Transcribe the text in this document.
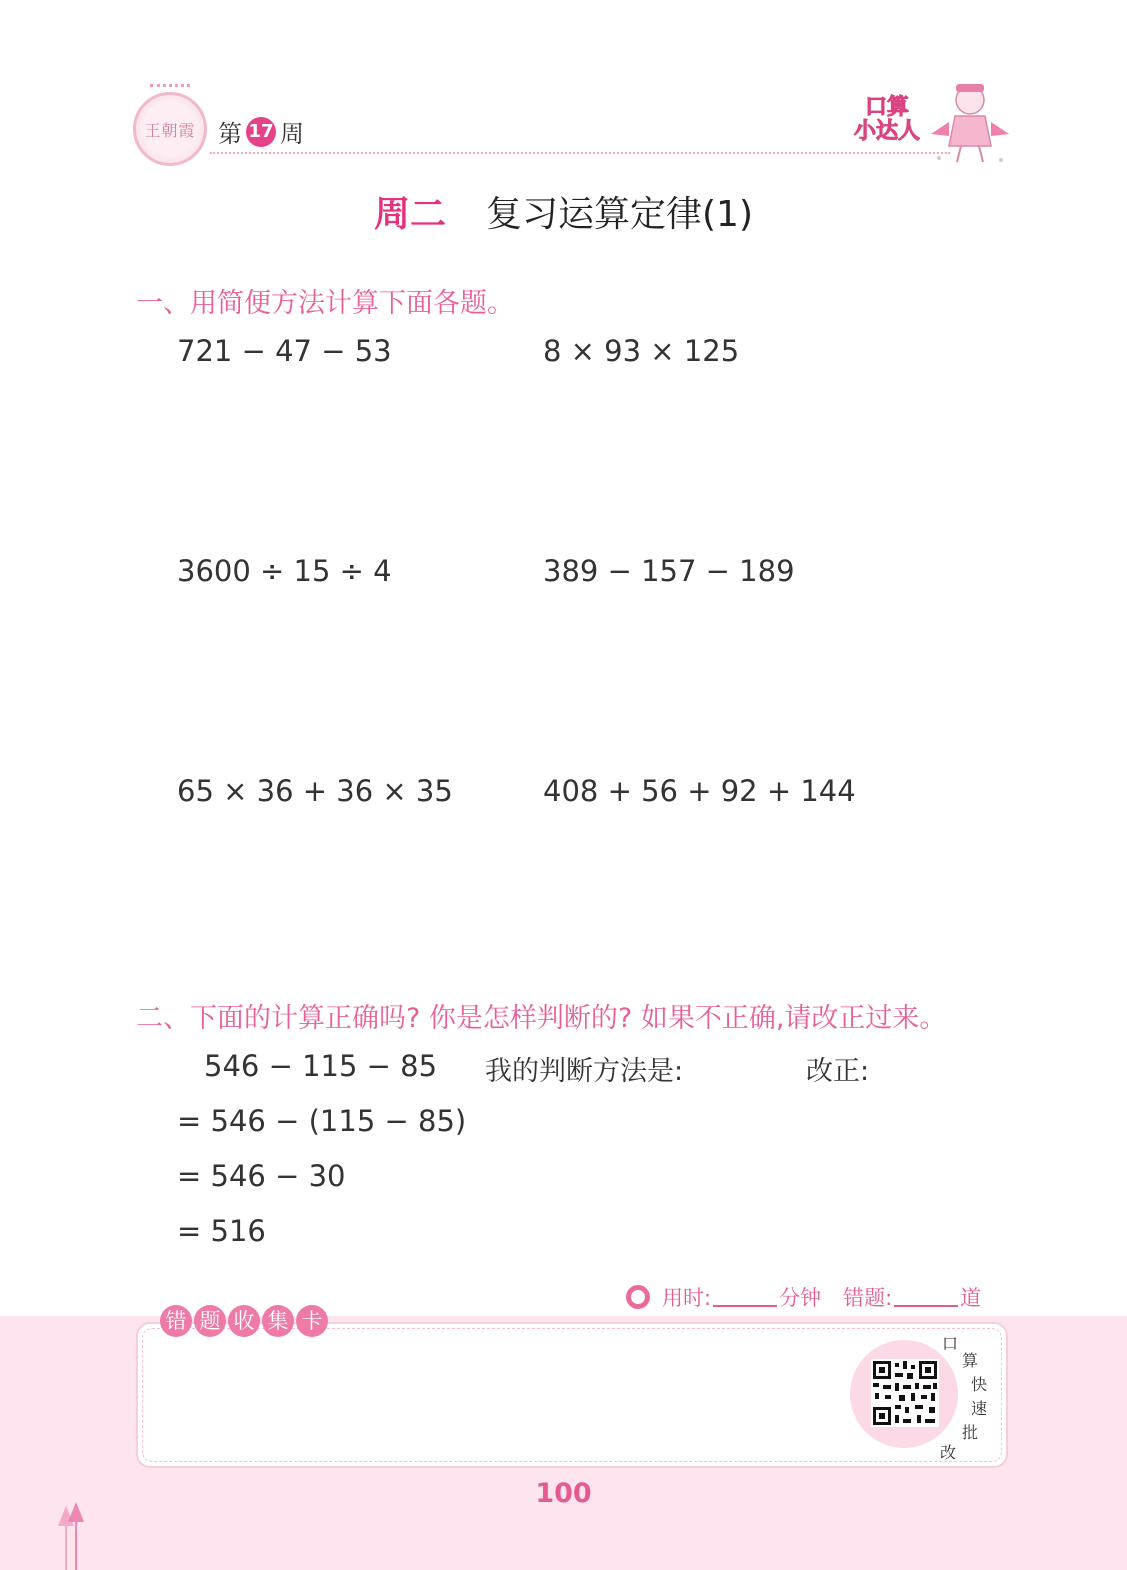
王朝霞 第 17 周
口算
小达人
周二 复习运算定律(1)
一、用简便方法计算下面各题。
721 − 47 − 53	8 × 93 × 125
3600 ÷ 15 ÷ 4	389 − 157 − 189
65 × 36 + 36 × 35	408 + 56 + 92 + 144
二、下面的计算正确吗? 你是怎样判断的? 如果不正确,请改正过来。
546 − 115 − 85 我的判断方法是:	改正:
= 546 − (115 − 85)
= 546 − 30
= 516
用时:	分钟 错题:	道
错 题 收 集 卡
口
算
快
速
批
改
100
